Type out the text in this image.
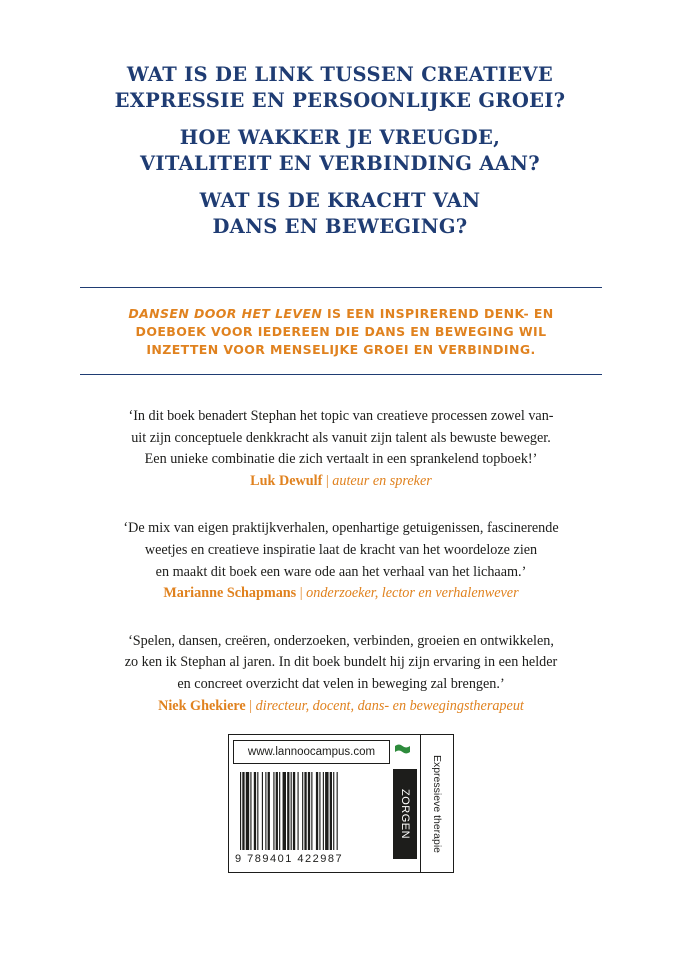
WAT IS DE LINK TUSSEN CREATIEVE
EXPRESSIE EN PERSOONLIJKE GROEI?
HOE WAKKER JE VREUGDE,
VITALITEIT EN VERBINDING AAN?
WAT IS DE KRACHT VAN
DANS EN BEWEGING?
DANSEN DOOR HET LEVEN IS EEN INSPIREREND DENK- EN
DOEBOEK VOOR IEDEREEN DIE DANS EN BEWEGING WIL
INZETTEN VOOR MENSELIJKE GROEI EN VERBINDING.
‘In dit boek benadert Stephan het topic van creatieve processen zowel van-
uit zijn conceptuele denkkracht als vanuit zijn talent als bewuste beweger.
Een unieke combinatie die zich vertaalt in een sprankelend topboek!’
Luk Dewulf | auteur en spreker
‘De mix van eigen praktijkverhalen, openhartige getuigenissen, fascinerende
weetjes en creatieve inspiratie laat de kracht van het woordeloze zien
en maakt dit boek een ware ode aan het verhaal van het lichaam.’
Marianne Schapmans | onderzoeker, lector en verhalenwever
‘Spelen, dansen, creëren, onderzoeken, verbinden, groeien en ontwikkelen,
zo ken ik Stephan al jaren. In dit boek bundelt hij zijn ervaring in een helder
en concreet overzicht dat velen in beweging zal brengen.’
Niek Ghekiere | directeur, docent, dans- en bewegingstherapeut
www.lannoocampus.com
9 789401 422987
ZORGEN Expressieve therapie
